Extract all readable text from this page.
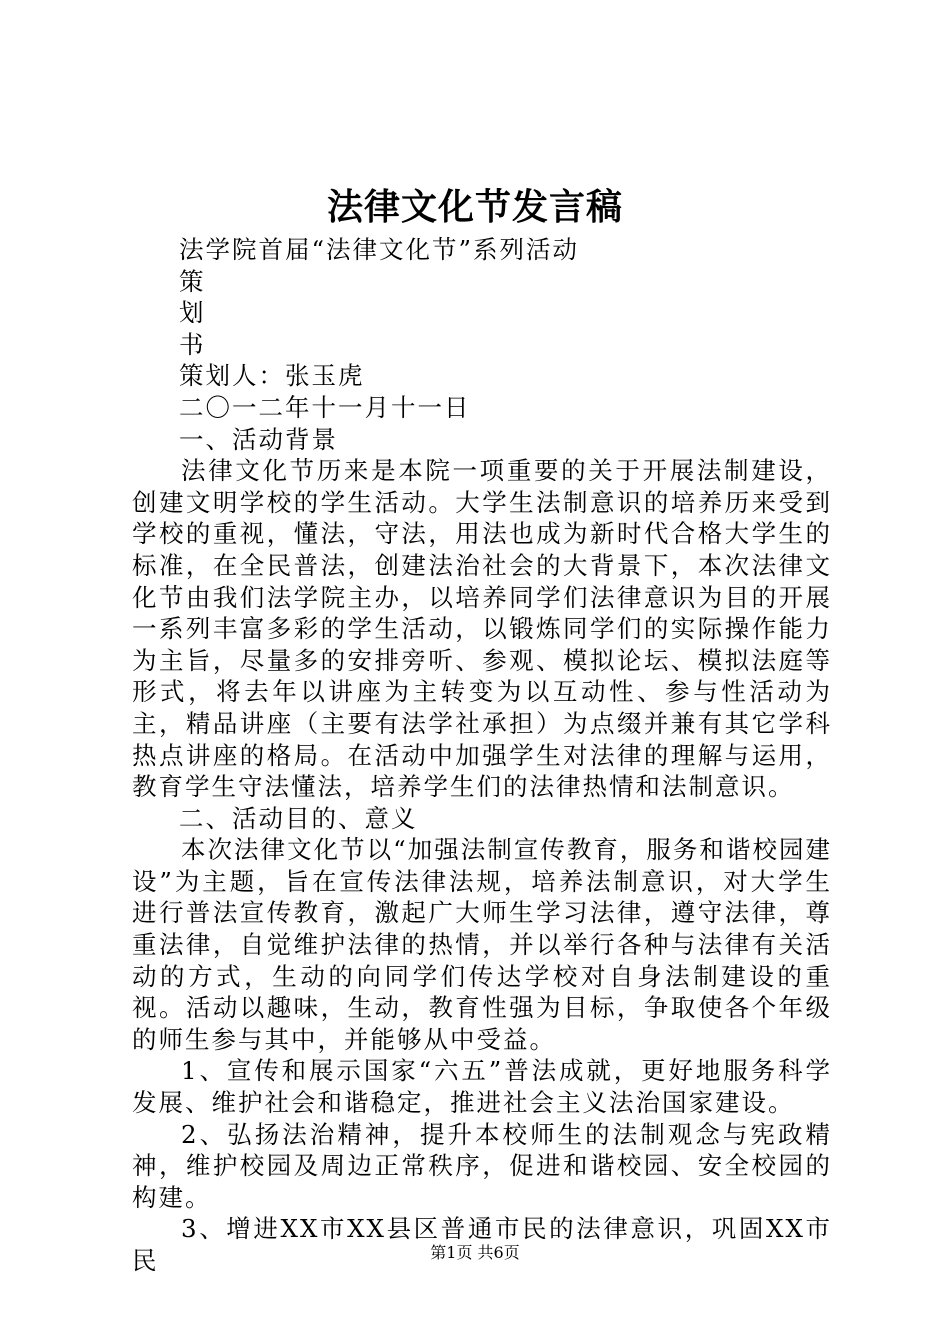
法律文化节发言稿
法学院首届“法律文化节”系列活动
策
划
书
策划人：张玉虎
二〇一二年十一月十一日
一、活动背景

法律文化节历来是本院一项重要的关于开展法制建设，创建文明学校的学生活动。大学生法制意识的培养历来受到学校的重视，懂法，守法，用法也成为新时代合格大学生的标准，在全民普法，创建法治社会的大背景下，本次法律文化节由我们法学院主办，以培养同学们法律意识为目的开展一系列丰富多彩的学生活动，以锻炼同学们的实际操作能力为主旨，尽量多的安排旁听、参观、模拟论坛、模拟法庭等形式，将去年以讲座为主转变为以互动性、参与性活动为主，精品讲座（主要有法学社承担）为点缀并兼有其它学科热点讲座的格局。在活动中加强学生对法律的理解与运用，教育学生守法懂法，培养学生们的法律热情和法制意识。

二、活动目的、意义

本次法律文化节以“加强法制宣传教育，服务和谐校园建设”为主题，旨在宣传法律法规，培养法制意识，对大学生进行普法宣传教育，激起广大师生学习法律，遵守法律，尊重法律，自觉维护法律的热情，并以举行各种与法律有关活动的方式，生动的向同学们传达学校对自身法制建设的重视。活动以趣味，生动，教育性强为目标，争取使各个年级的师生参与其中，并能够从中受益。

1、宣传和展示国家“六五”普法成就，更好地服务科学发展、维护社会和谐稳定，推进社会主义法治国家建设。

2、弘扬法治精神，提升本校师生的法制观念与宪政精神，维护校园及周边正常秩序，促进和谐校园、安全校园的构建。

3、增进XX市XX县区普通市民的法律意识，巩固XX市民	第1页 共6页
